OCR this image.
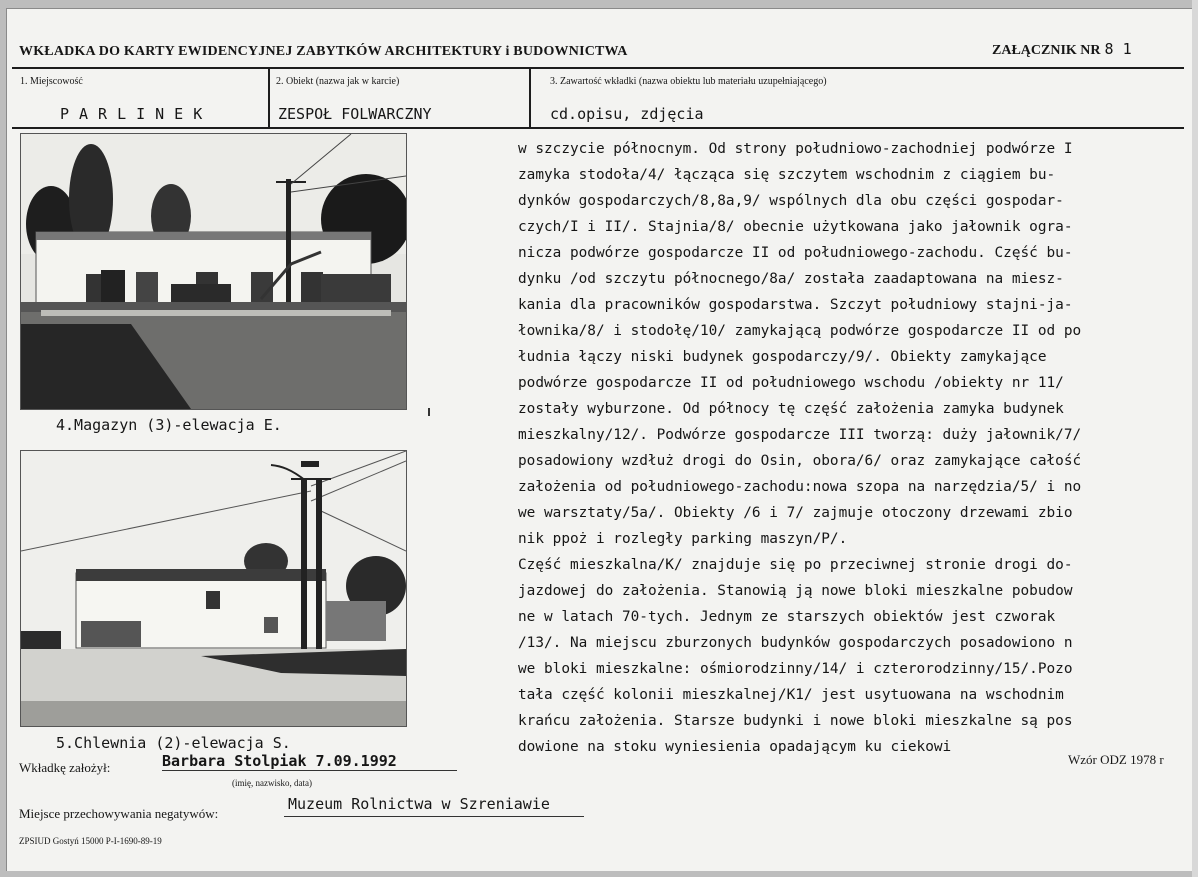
WKŁADKA DO KARTY EWIDENCYJNEJ ZABYTKÓW ARCHITEKTURY i BUDOWNICTWA	ZAŁĄCZNIK NR 8 1
1. Miejscowość
PARLINEK
2. Obiekt (nazwa jak w karcie)
ZESPOŁ FOLWARCZNY
3. Zawartość wkładki (nazwa obiektu lub materiału uzupełniającego)
cd.opisu, zdjęcia
4.Magazyn (3)-elewacja E.
5.Chlewnia (2)-elewacja S.
w szczycie północnym. Od strony południowo-zachodniej podwórze I
zamyka stodoła/4/ łącząca się szczytem wschodnim z ciągiem bu-
dynków gospodarczych/8,8a,9/ wspólnych dla obu części gospodar-
czych/I i II/. Stajnia/8/ obecnie użytkowana jako jałownik ogra-
nicza podwórze gospodarcze II od południowego-zachodu. Część bu-
dynku /od szczytu północnego/8a/ została zaadaptowana na miesz-
kania dla pracowników gospodarstwa. Szczyt południowy stajni-ja-
łownika/8/ i stodołę/10/ zamykającą podwórze gospodarcze II od po
łudnia łączy niski budynek gospodarczy/9/. Obiekty zamykające
podwórze gospodarcze II od południowego wschodu /obiekty nr 11/
zostały wyburzone. Od północy tę część założenia zamyka budynek
mieszkalny/12/. Podwórze gospodarcze III tworzą: duży jałownik/7/
posadowiony wzdłuż drogi do Osin, obora/6/ oraz zamykające całość
założenia od południowego-zachodu:nowa szopa na narzędzia/5/ i no
we warsztaty/5a/. Obiekty /6 i 7/ zajmuje otoczony drzewami zbio
nik ppoż i rozległy parking maszyn/P/.
Część mieszkalna/K/ znajduje się po przeciwnej stronie drogi do-
jazdowej do założenia. Stanowią ją nowe bloki mieszkalne pobudow
ne w latach 70-tych. Jednym ze starszych obiektów jest czworak
/13/. Na miejscu zburzonych budynków gospodarczych posadowiono n
we bloki mieszkalne: ośmiorodzinny/14/ i czterorodzinny/15/.Pozo
tała część kolonii mieszkalnej/K1/ jest usytuowana na wschodnim
krańcu założenia. Starsze budynki i nowe bloki mieszkalne są pos
dowione na stoku wyniesienia opadającym ku ciekowi
Wzór ODZ 1978 r
Wkładkę założył:	Barbara Stolpiak 7.09.1992
(imię, nazwisko, data)
Miejsce przechowywania negatywów:
Muzeum Rolnictwa w Szreniawie
ZPSIUD Gostyń 15000 P-I-1690-89-19
